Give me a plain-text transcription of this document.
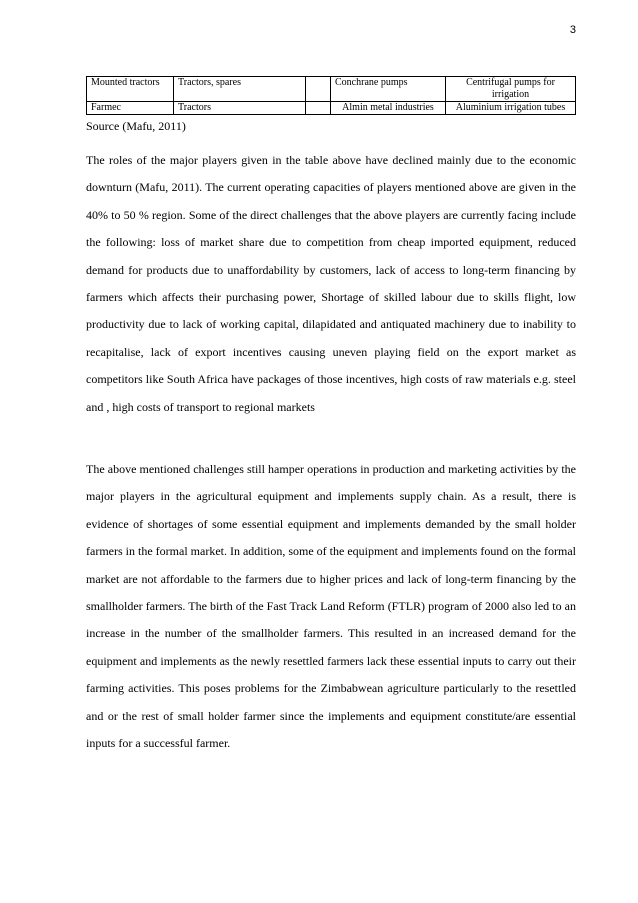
3
Mounted tractors	Tractors, spares		Conchrane pumps	Centrifugal pumps for irrigation
Farmec	Tractors		Almin metal industries	Aluminium irrigation tubes
Source (Mafu, 2011)

The roles of the major players given in the table above have declined mainly due to the economic downturn (Mafu, 2011). The current operating capacities of players mentioned above are given in the 40% to 50 % region. Some of the direct challenges that the above players are currently facing include the following: loss of market share due to competition from cheap imported equipment, reduced demand for products due to unaffordability by customers, lack of access to long-term financing by farmers which affects their purchasing power, Shortage of skilled labour due to skills flight, low productivity due to lack of working capital, dilapidated and antiquated machinery due to inability to recapitalise, lack of export incentives causing uneven playing field on the export market as competitors like South Africa have packages of those incentives, high costs of raw materials e.g. steel and , high costs of transport to regional markets

The above mentioned challenges still hamper operations in production and marketing activities by the major players in the agricultural equipment and implements supply chain. As a result, there is evidence of shortages of some essential equipment and implements demanded by the small holder farmers in the formal market. In addition, some of the equipment and implements found on the formal market are not affordable to the farmers due to higher prices and lack of long-term financing by the smallholder farmers. The birth of the Fast Track Land Reform (FTLR) program of 2000 also led to an increase in the number of the smallholder farmers. This resulted in an increased demand for the equipment and implements as the newly resettled farmers lack these essential inputs to carry out their farming activities. This poses problems for the Zimbabwean agriculture particularly to the resettled and or the rest of small holder farmer since the implements and equipment constitute/are essential inputs for a successful farmer.
